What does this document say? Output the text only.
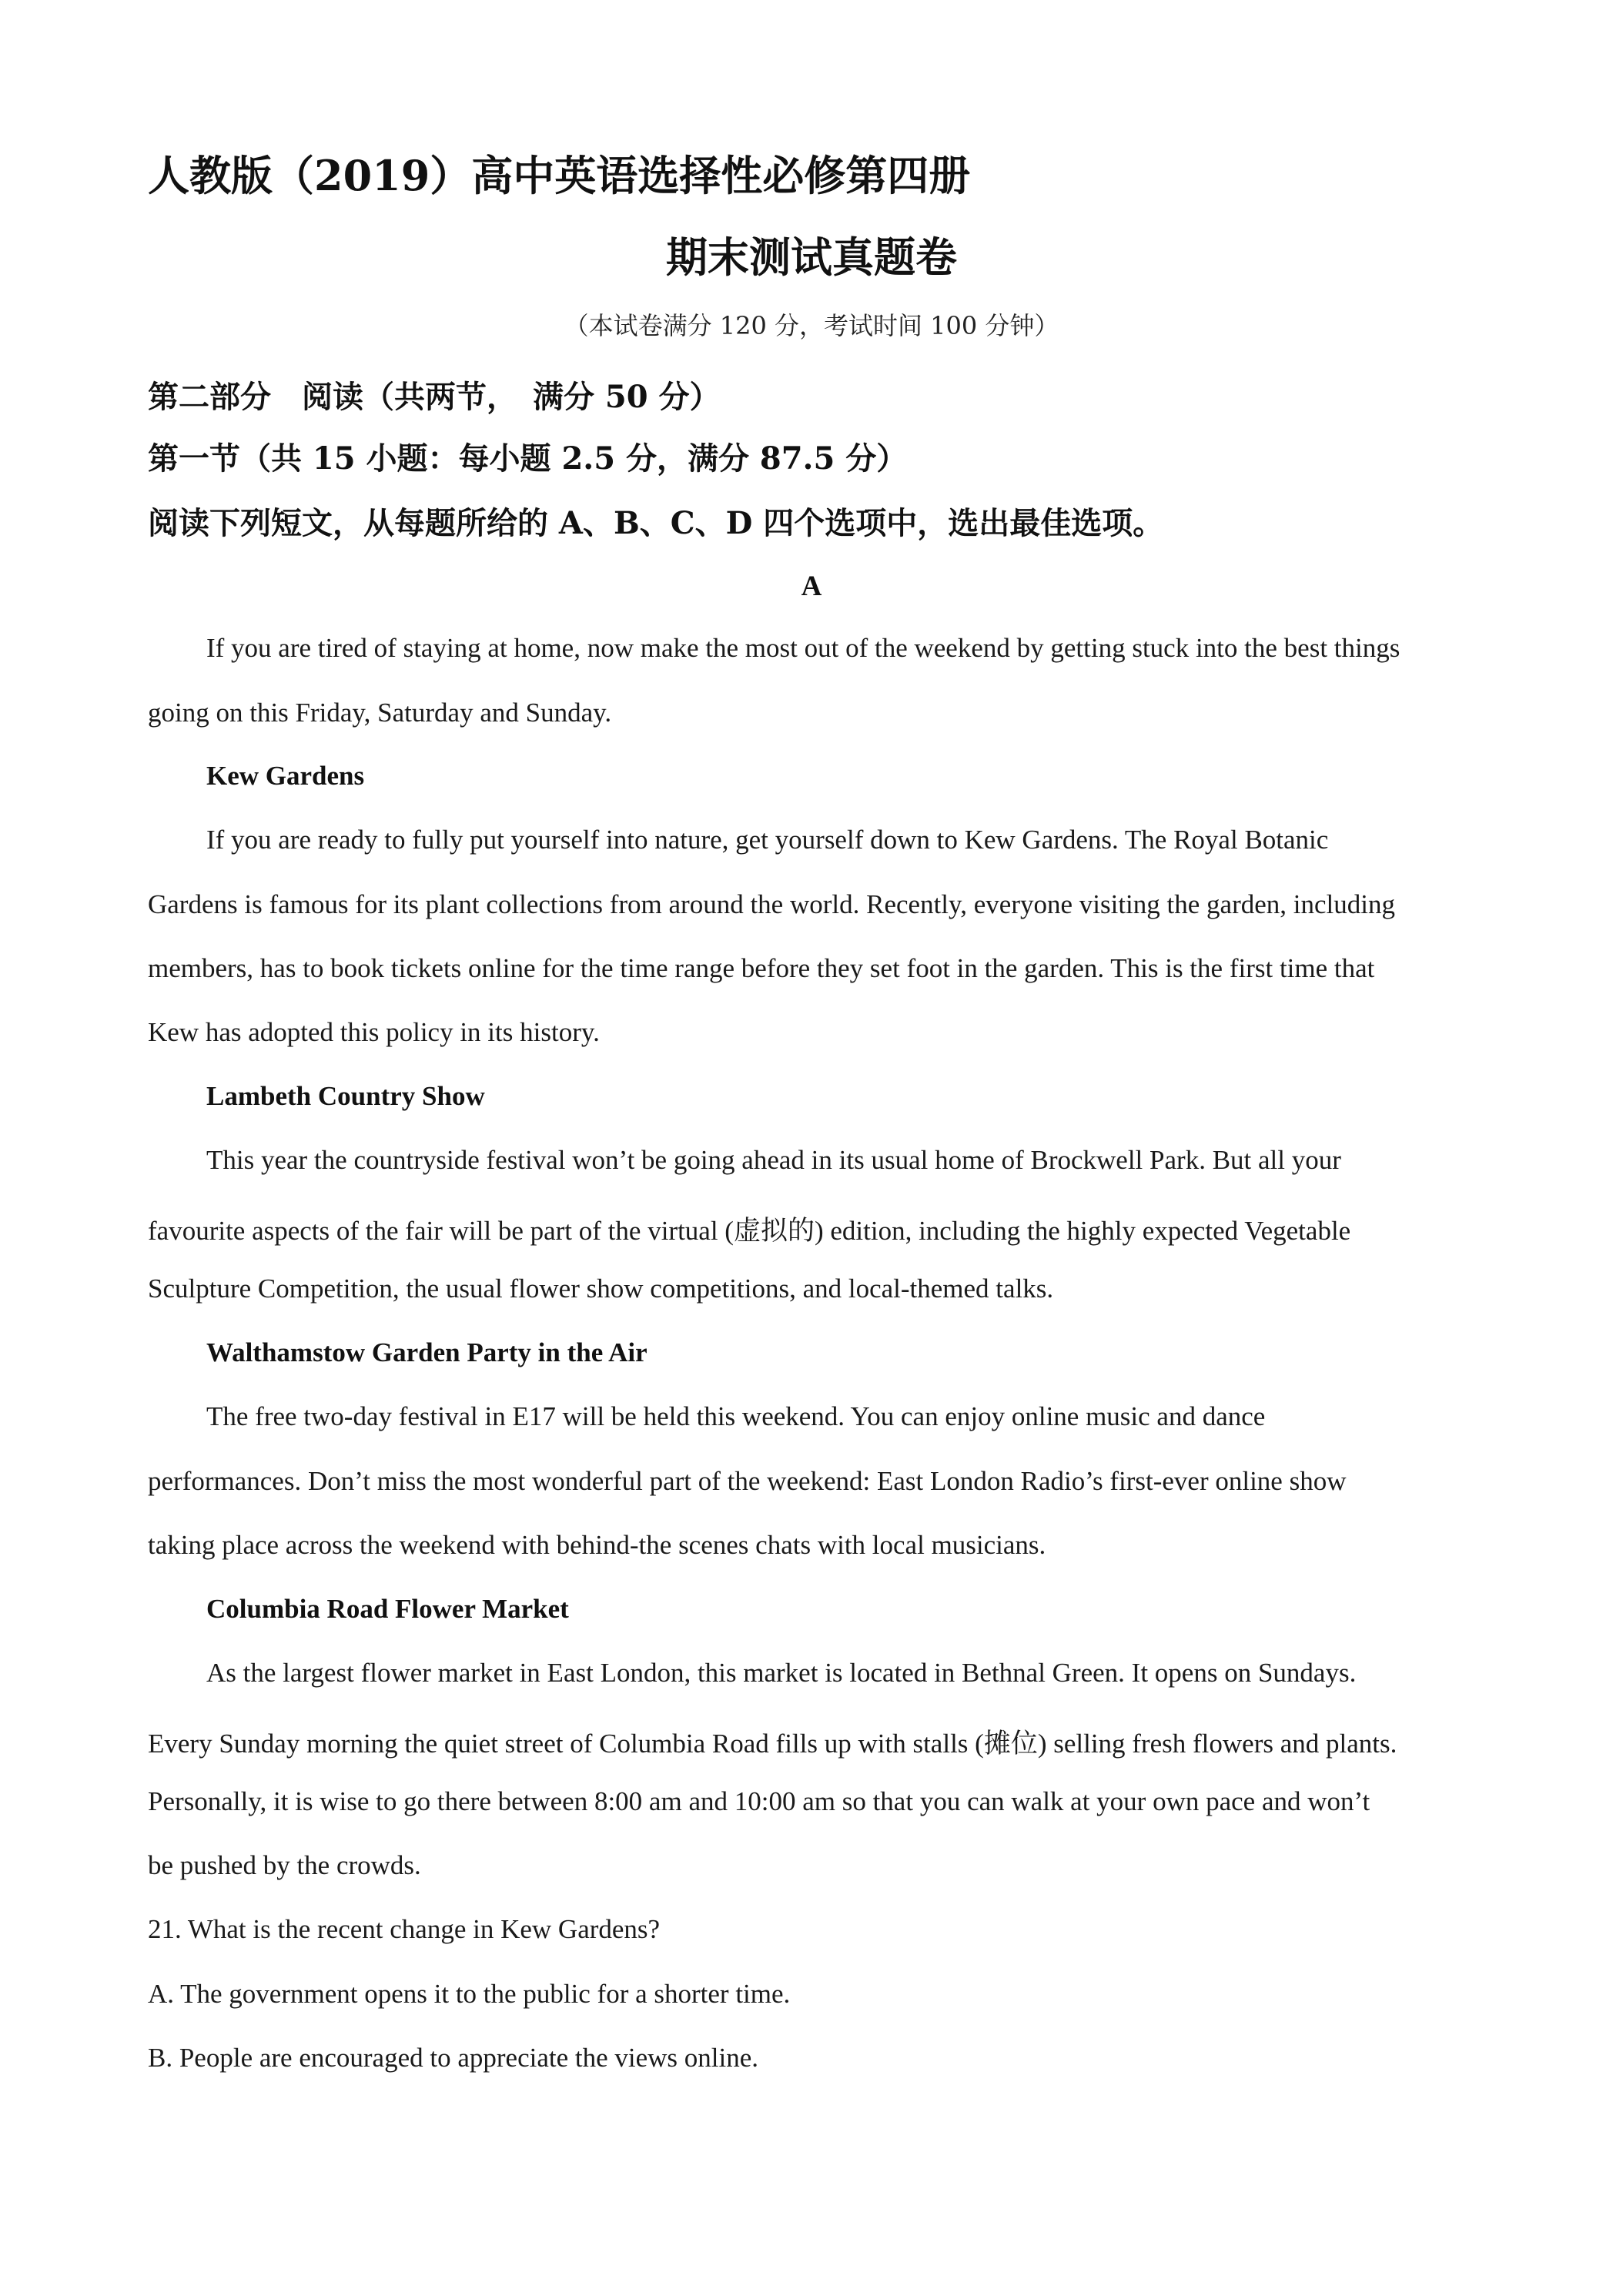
人教版（2019）高中英语选择性必修第四册
期末测试真题卷
（本试卷满分 120 分，考试时间 100 分钟）
第二部分　阅读（共两节，　满分 50 分）
第一节（共 15 小题：每小题 2.5 分，满分 87.5 分）
阅读下列短文，从每题所给的 A、B、C、D 四个选项中，选出最佳选项。
A
If you are tired of staying at home, now make the most out of the weekend by getting stuck into the best things
going on this Friday, Saturday and Sunday.
Kew Gardens
If you are ready to fully put yourself into nature, get yourself down to Kew Gardens. The Royal Botanic
Gardens is famous for its plant collections from around the world. Recently, everyone visiting the garden, including
members, has to book tickets online for the time range before they set foot in the garden. This is the first time that
Kew has adopted this policy in its history.
Lambeth Country Show
This year the countryside festival won’t be going ahead in its usual home of Brockwell Park. But all your
favourite aspects of the fair will be part of the virtual (虚拟的) edition, including the highly expected Vegetable
Sculpture Competition, the usual flower show competitions, and local-themed talks.
Walthamstow Garden Party in the Air
The free two-day festival in E17 will be held this weekend. You can enjoy online music and dance
performances. Don’t miss the most wonderful part of the weekend: East London Radio’s first-ever online show
taking place across the weekend with behind-the scenes chats with local musicians.
Columbia Road Flower Market
As the largest flower market in East London, this market is located in Bethnal Green. It opens on Sundays.
Every Sunday morning the quiet street of Columbia Road fills up with stalls (摊位) selling fresh flowers and plants.
Personally, it is wise to go there between 8:00 am and 10:00 am so that you can walk at your own pace and won’t
be pushed by the crowds.
21. What is the recent change in Kew Gardens?
A. The government opens it to the public for a shorter time.
B. People are encouraged to appreciate the views online.
